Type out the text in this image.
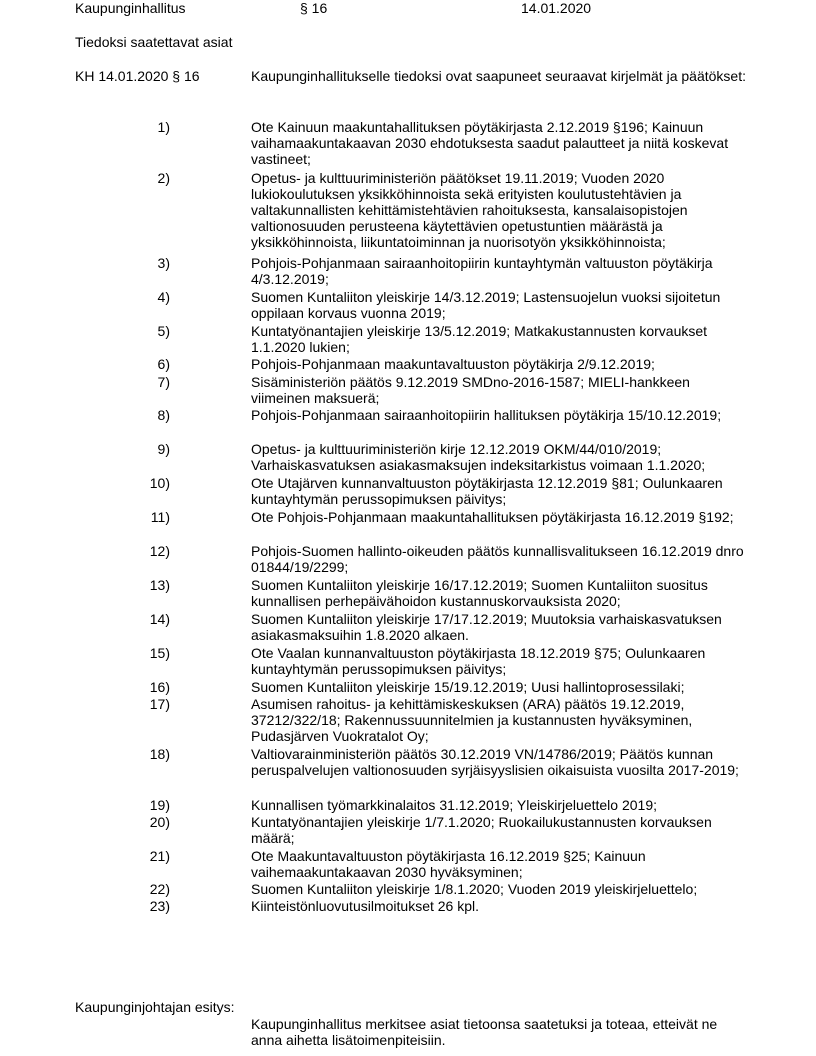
Kaupunginhallitus	§ 16	14.01.2020
Tiedoksi saatettavat asiat
KH 14.01.2020 § 16	Kaupunginhallitukselle tiedoksi ovat saapuneet seuraavat kirjelmät ja päätökset:
1)	Ote Kainuun maakuntahallituksen pöytäkirjasta 2.12.2019 §196; Kainuun vaihamaakuntakaavan 2030 ehdotuksesta saadut palautteet ja niitä koskevat vastineet;
2)	Opetus- ja kulttuuriministeriön päätökset 19.11.2019; Vuoden 2020 lukiokoulutuksen yksikköhinnoista sekä erityisten koulutustehtävien ja valtakunnallisten kehittämistehtävien rahoituksesta, kansalaisopistojen valtionosuuden perusteena käytettävien opetustuntien määrästä ja yksikköhinnoista, liikuntatoiminnan ja nuorisotyön yksikköhinnoista;
3)	Pohjois-Pohjanmaan sairaanhoitopiirin kuntayhtymän valtuuston pöytäkirja 4/3.12.2019;
4)	Suomen Kuntaliiton yleiskirje 14/3.12.2019; Lastensuojelun vuoksi sijoitetun oppilaan korvaus vuonna 2019;
5)	Kuntatyönantajien yleiskirje 13/5.12.2019; Matkakustannusten korvaukset 1.1.2020 lukien;
6)	Pohjois-Pohjanmaan maakuntavaltuuston pöytäkirja 2/9.12.2019;
7)	Sisäministeriön päätös 9.12.2019 SMDno-2016-1587; MIELI-hankkeen viimeinen maksuerä;
8)	Pohjois-Pohjanmaan sairaanhoitopiirin hallituksen pöytäkirja 15/10.12.2019;
9)	Opetus- ja kulttuuriministeriön kirje 12.12.2019 OKM/44/010/2019; Varhaiskasvatuksen asiakasmaksujen indeksitarkistus voimaan 1.1.2020;
10)	Ote Utajärven kunnanvaltuuston pöytäkirjasta 12.12.2019 §81; Oulunkaaren kuntayhtymän perussopimuksen päivitys;
11)	Ote Pohjois-Pohjanmaan maakuntahallituksen pöytäkirjasta 16.12.2019 §192;
12)	Pohjois-Suomen hallinto-oikeuden päätös kunnallisvalitukseen 16.12.2019 dnro 01844/19/2299;
13)	Suomen Kuntaliiton yleiskirje 16/17.12.2019; Suomen Kuntaliiton suositus kunnallisen perhepäivähoidon kustannuskorvauksista 2020;
14)	Suomen Kuntaliiton yleiskirje 17/17.12.2019; Muutoksia varhaiskasvatuksen asiakasmaksuihin 1.8.2020 alkaen.
15)	Ote Vaalan kunnanvaltuuston pöytäkirjasta 18.12.2019 §75; Oulunkaaren kuntayhtymän perussopimuksen päivitys;
16)	Suomen Kuntaliiton yleiskirje 15/19.12.2019; Uusi hallintoprosessilaki;
17)	Asumisen rahoitus- ja kehittämiskeskuksen (ARA) päätös 19.12.2019, 37212/322/18; Rakennussuunnitelmien ja kustannusten hyväksyminen, Pudasjärven Vuokratalot Oy;
18)	Valtiovarainministeriön päätös 30.12.2019 VN/14786/2019; Päätös kunnan peruspalvelujen valtionosuuden syrjäisyyslisien oikaisuista vuosilta 2017-2019;
19)	Kunnallisen työmarkkinalaitos 31.12.2019; Yleiskirjeluettelo 2019;
20)	Kuntatyönantajien yleiskirje 1/7.1.2020; Ruokailukustannusten korvauksen määrä;
21)	Ote Maakuntavaltuuston pöytäkirjasta 16.12.2019 §25; Kainuun vaihemaakuntakaavan 2030 hyväksyminen;
22)	Suomen Kuntaliiton yleiskirje 1/8.1.2020; Vuoden 2019 yleiskirjeluettelo;
23)	Kiinteistönluovutusilmoitukset 26 kpl.
Kaupunginjohtajan esitys:
Kaupunginhallitus merkitsee asiat tietoonsa saatetuksi ja toteaa, etteivät ne anna aihetta lisätoimenpiteisiin.
